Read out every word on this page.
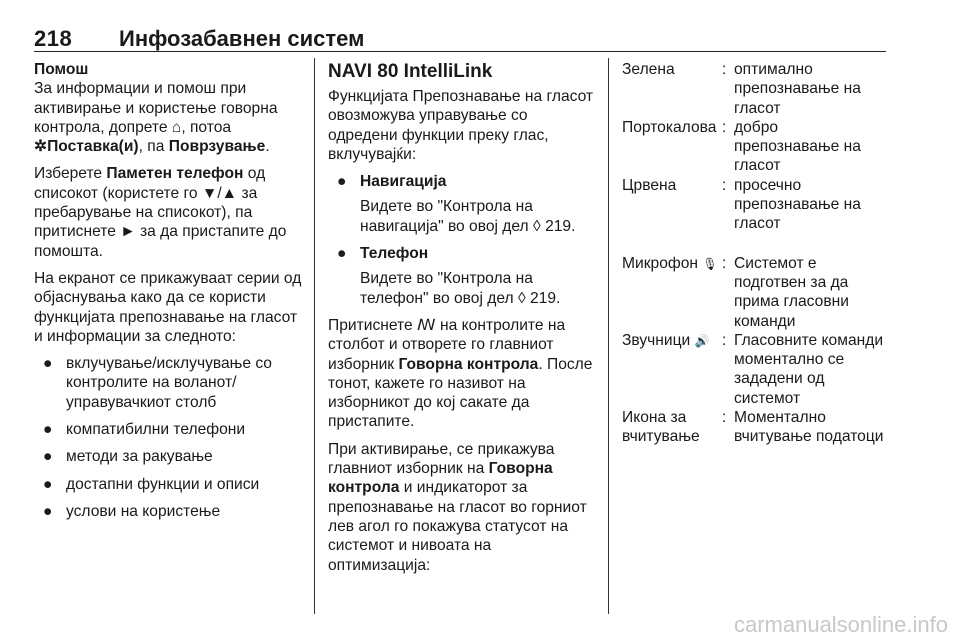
218 Инфозабавнен систем

Помош

За информации и помош при активирање и користење говорна контрола, допрете ⌂, потоа
✲Поставка(и), па Поврзување.

Изберете Паметен телефон од списокот (користете го ▼/▲ за пребарување на списокот), па притиснете ► за да пристапите до помошта.

На екранот се прикажуваат серии од објаснувања како да се користи функцијата препознавање на гласот и информации за следното:

● вклучување/исклучување со контролите на воланот/управувачкиот столб
● компатибилни телефони
● методи за ракување
● достапни функции и описи
● услови на користење

NAVI 80 IntelliLink

Функцијата Препознавање на гласот овозможува управување со одредени функции преку глас, вклучувајќи:

● Навигација
Видете во "Контрола на навигација" во овој дел ◊ 219.
● Телефон
Видете во "Контрола на телефон" во овој дел ◊ 219.

Притиснете ꟿ на контролите на столбот и отворете го главниот изборник Говорна контрола. После тонот, кажете го називот на изборникот до кој сакате да пристапите.

При активирање, се прикажува главниот изборник на Говорна контрола и индикаторот за препознавање на гласот во горниот лев агол го покажува статусот на системот и нивоата на оптимизација:

Зелена	: оптимално препознавање на гласот
Портокалова : добро препознавање на гласот
Црвена	: просечно препознавање на гласот
Микрофон 🎙 : Системот е подготвен за да прима гласовни команди
Звучници 🔊 : Гласовните команди моментално се зададени од системот
Икона за вчитување
: Моментално вчитување податоци
carmanualsonline.info
